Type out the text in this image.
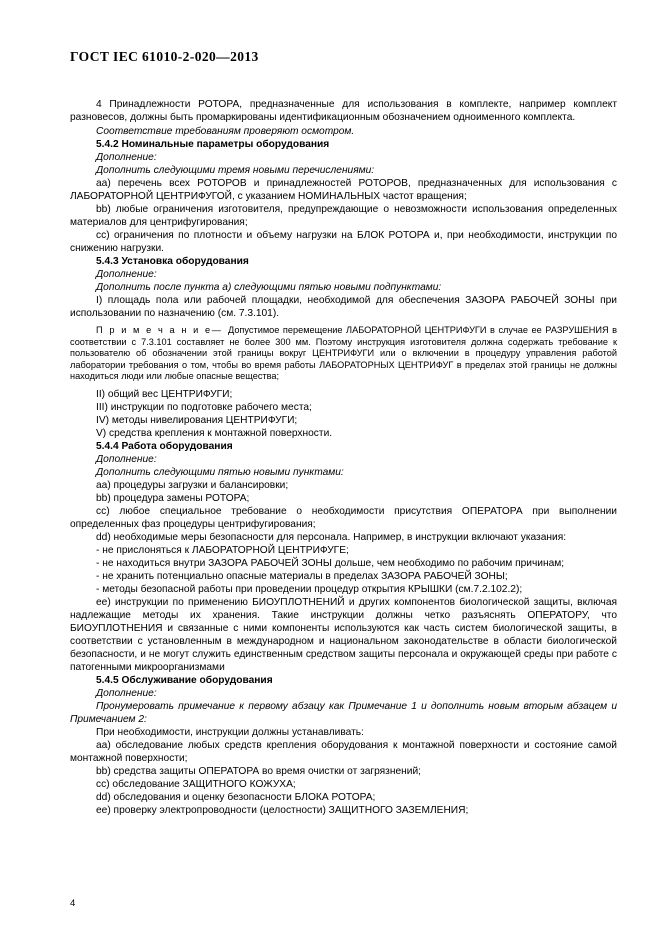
ГОСТ IEC 61010-2-020—2013

4 Принадлежности РОТОРА, предназначенные для использования в комплекте, например комплект разновесов, должны быть промаркированы идентификационным обозначением одноименного комплекта.

Соответствие требованиям проверяют осмотром.

5.4.2 Номинальные параметры оборудования

Дополнение:

Дополнить следующими тремя новыми перечислениями:

aa) перечень всех РОТОРОВ и принадлежностей РОТОРОВ, предназначенных для использования с ЛАБОРАТОРНОЙ ЦЕНТРИФУГОЙ, с указанием НОМИНАЛЬНЫХ частот вращения;

bb) любые ограничения изготовителя, предупреждающие о невозможности использования определенных материалов для центрифугирования;

cc) ограничения по плотности и объему нагрузки на БЛОК РОТОРА и, при необходимости, инструкции по снижению нагрузки.

5.4.3 Установка оборудования

Дополнение:

Дополнить после пункта a) следующими пятью новыми подпунктами:

I) площадь пола или рабочей площадки, необходимой для обеспечения ЗАЗОРА РАБОЧЕЙ ЗОНЫ при использовании по назначению (см. 7.3.101).

П р и м е ч а н и е— Допустимое перемещение ЛАБОРАТОРНОЙ ЦЕНТРИФУГИ в случае ее РАЗРУШЕНИЯ в соответствии с 7.3.101 составляет не более 300 мм. Поэтому инструкция изготовителя должна содержать требование к пользователю об обозначении этой границы вокруг ЦЕНТРИФУГИ или о включении в процедуру управления работой лаборатории требования о том, чтобы во время работы ЛАБОРАТОРНЫХ ЦЕНТРИФУГ в пределах этой границы не должны находиться люди или любые опасные вещества;

II) общий вес ЦЕНТРИФУГИ;

III) инструкции по подготовке рабочего места;

IV) методы нивелирования ЦЕНТРИФУГИ;

V) средства крепления к монтажной поверхности.

5.4.4 Работа оборудования

Дополнение:

Дополнить следующими пятью новыми пунктами:

aa) процедуры загрузки и балансировки;

bb) процедура замены РОТОРА;

cc) любое специальное требование о необходимости присутствия ОПЕРАТОРА при выполнении определенных фаз процедуры центрифугирования;

dd) необходимые меры безопасности для персонала. Например, в инструкции включают указания:

- не прислоняться к ЛАБОРАТОРНОЙ ЦЕНТРИФУГЕ;

- не находиться внутри ЗАЗОРА РАБОЧЕЙ ЗОНЫ дольше, чем необходимо по рабочим причинам;

- не хранить потенциально опасные материалы в пределах ЗАЗОРА РАБОЧЕЙ ЗОНЫ;

- методы безопасной работы при проведении процедур открытия КРЫШКИ (см.7.2.102.2);

ee) инструкции по применению БИОУПЛОТНЕНИЙ и других компонентов биологической защиты, включая надлежащие методы их хранения. Такие инструкции должны четко разъяснять ОПЕРАТОРУ, что БИОУПЛОТНЕНИЯ и связанные с ними компоненты используются как часть систем биологической защиты, в соответствии с установленным в международном и национальном законодательстве в области биологической безопасности, и не могут служить единственным средством защиты персонала и окружающей среды при работе с патогенными микроорганизмами

5.4.5 Обслуживание оборудования

Дополнение:

Пронумеровать примечание к первому абзацу как Примечание 1 и дополнить новым вторым абзацем и Примечанием 2:

При необходимости, инструкции должны устанавливать:

aa) обследование любых средств крепления оборудования к монтажной поверхности и состояние самой монтажной поверхности;

bb) средства защиты ОПЕРАТОРА во время очистки от загрязнений;

cc) обследование ЗАЩИТНОГО КОЖУХА;

dd) обследования и оценку безопасности БЛОКА РОТОРА;

ee) проверку электропроводности (целостности) ЗАЩИТНОГО ЗАЗЕМЛЕНИЯ;

4
